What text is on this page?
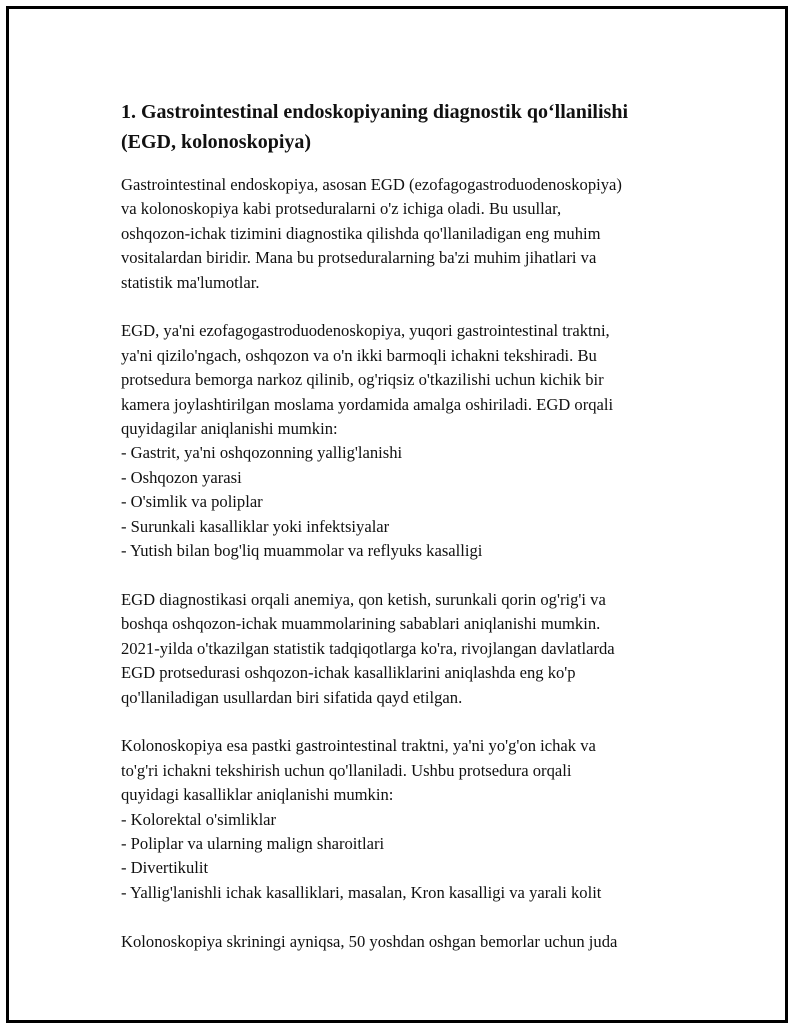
1. Gastrointestinal endoskopiyaning diagnostik qo‘llanilishi
(EGD, kolonoskopiya)
Gastrointestinal endoskopiya, asosan EGD (ezofagogastroduodenoskopiya)
va kolonoskopiya kabi protseduralarni o'z ichiga oladi. Bu usullar,
oshqozon-ichak tizimini diagnostika qilishda qo'llaniladigan eng muhim
vositalardan biridir. Mana bu protseduralarning ba'zi muhim jihatlari va
statistik ma'lumotlar.
EGD, ya'ni ezofagogastroduodenoskopiya, yuqori gastrointestinal traktni,
ya'ni qizilo'ngach, oshqozon va o'n ikki barmoqli ichakni tekshiradi. Bu
protsedura bemorga narkoz qilinib, og'riqsiz o'tkazilishi uchun kichik bir
kamera joylashtirilgan moslama yordamida amalga oshiriladi. EGD orqali
quyidagilar aniqlanishi mumkin:
- Gastrit, ya'ni oshqozonning yallig'lanishi
- Oshqozon yarasi
- O'simlik va poliplar
- Surunkali kasalliklar yoki infektsiyalar
- Yutish bilan bog'liq muammolar va reflyuks kasalligi
EGD diagnostikasi orqali anemiya, qon ketish, surunkali qorin og'rig'i va
boshqa oshqozon-ichak muammolarining sabablari aniqlanishi mumkin.
2021-yilda o'tkazilgan statistik tadqiqotlarga ko'ra, rivojlangan davlatlarda
EGD protsedurasi oshqozon-ichak kasalliklarini aniqlashda eng ko'p
qo'llaniladigan usullardan biri sifatida qayd etilgan.
Kolonoskopiya esa pastki gastrointestinal traktni, ya'ni yo'g'on ichak va
to'g'ri ichakni tekshirish uchun qo'llaniladi. Ushbu protsedura orqali
quyidagi kasalliklar aniqlanishi mumkin:
- Kolorektal o'simliklar
- Poliplar va ularning malign sharoitlari
- Divertikulit
- Yallig'lanishli ichak kasalliklari, masalan, Kron kasalligi va yarali kolit
Kolonoskopiya skriningi ayniqsa, 50 yoshdan oshgan bemorlar uchun juda
